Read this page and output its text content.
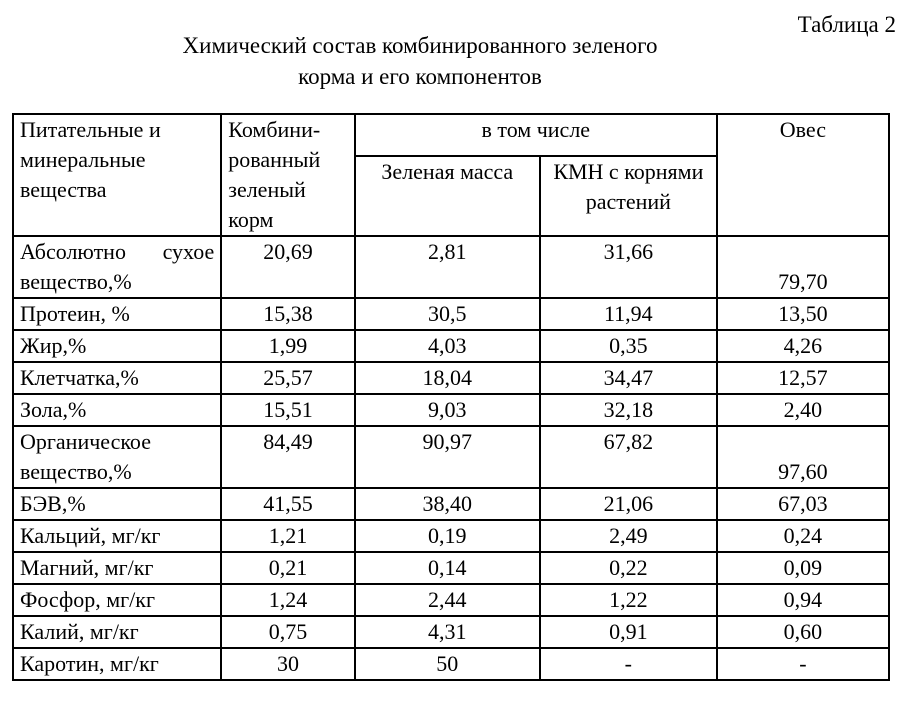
Таблица 2
Химический состав комбинированного зеленого
корма и его компонентов
Питательные и минеральные вещества	Комбини-рованный зеленый корм	в том числе		Овес
		Зеленая масса	КМН с корнями растений	
Абсолютно сухое вещество,%	20,69	2,81	31,66	79,70
Протеин, %	15,38	30,5	11,94	13,50
Жир,%	1,99	4,03	0,35	4,26
Клетчатка,%	25,57	18,04	34,47	12,57
Зола,%	15,51	9,03	32,18	2,40
Органическое вещество,%	84,49	90,97	67,82	97,60
БЭВ,%	41,55	38,40	21,06	67,03
Кальций, мг/кг	1,21	0,19	2,49	0,24
Магний, мг/кг	0,21	0,14	0,22	0,09
Фосфор, мг/кг	1,24	2,44	1,22	0,94
Калий, мг/кг	0,75	4,31	0,91	0,60
Каротин, мг/кг	30	50	-	-
